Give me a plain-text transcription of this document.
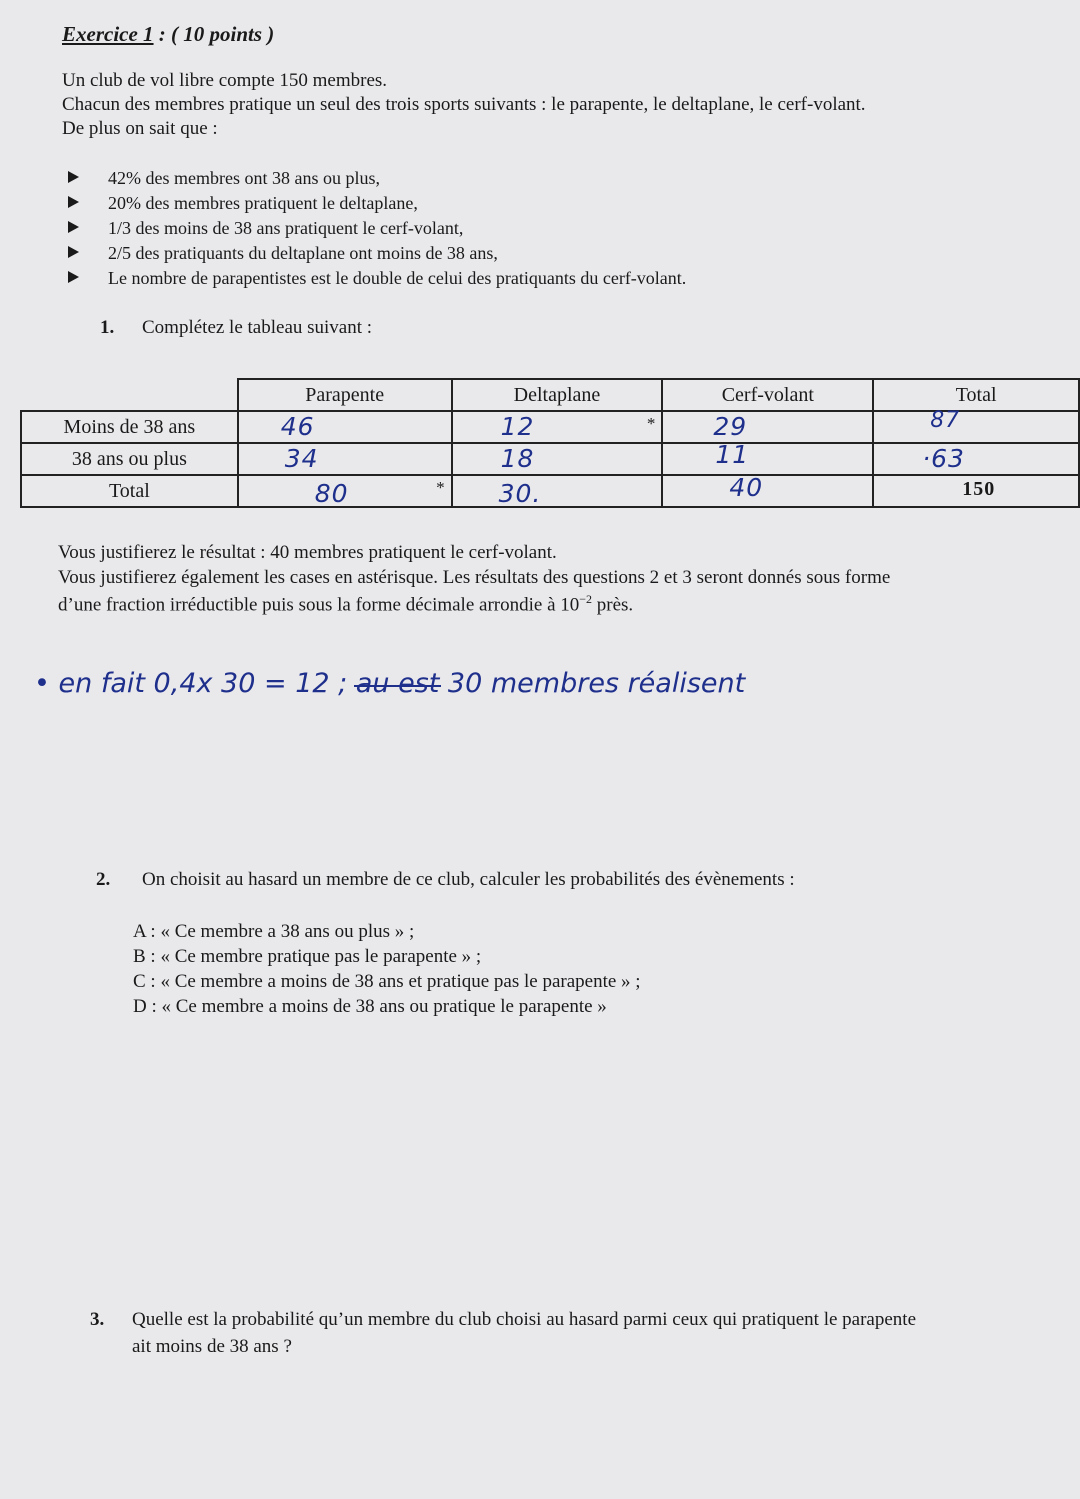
Exercice 1 : ( 10 points )
Un club de vol libre compte 150 membres.
Chacun des membres pratique un seul des trois sports suivants : le parapente, le deltaplane, le cerf-volant.
De plus on sait que :
42% des membres ont 38 ans ou plus,
20% des membres pratiquent le deltaplane,
1/3 des moins de 38 ans pratiquent le cerf-volant,
2/5 des pratiquants du deltaplane ont moins de 38 ans,
Le nombre de parapentistes est le double de celui des pratiquants du cerf-volant.
1. Complétez le tableau suivant :
	Parapente	Deltaplane	Cerf-volant	Total
Moins de 38 ans	46	12 *	29	87

38 ans ou plus	34	18	11	·63

Total	80 *	30.	40	150
Vous justifierez le résultat : 40 membres pratiquent le cerf-volant.
Vous justifierez également les cases en astérisque. Les résultats des questions 2 et 3 seront donnés sous forme
d’une fraction irréductible puis sous la forme décimale arrondie à $10^{-2}$ près.
• en fait 0,4x 30 = 12 ; au est 30 membres réalisent
2. On choisit au hasard un membre de ce club, calculer les probabilités des évènements :
A : « Ce membre a 38 ans ou plus » ;
B : « Ce membre pratique pas le parapente » ;
C : « Ce membre a moins de 38 ans et pratique pas le parapente » ;
D : « Ce membre a moins de 38 ans ou pratique le parapente »
3. Quelle est la probabilité qu’un membre du club choisi au hasard parmi ceux qui pratiquent le parapente
ait moins de 38 ans ?
